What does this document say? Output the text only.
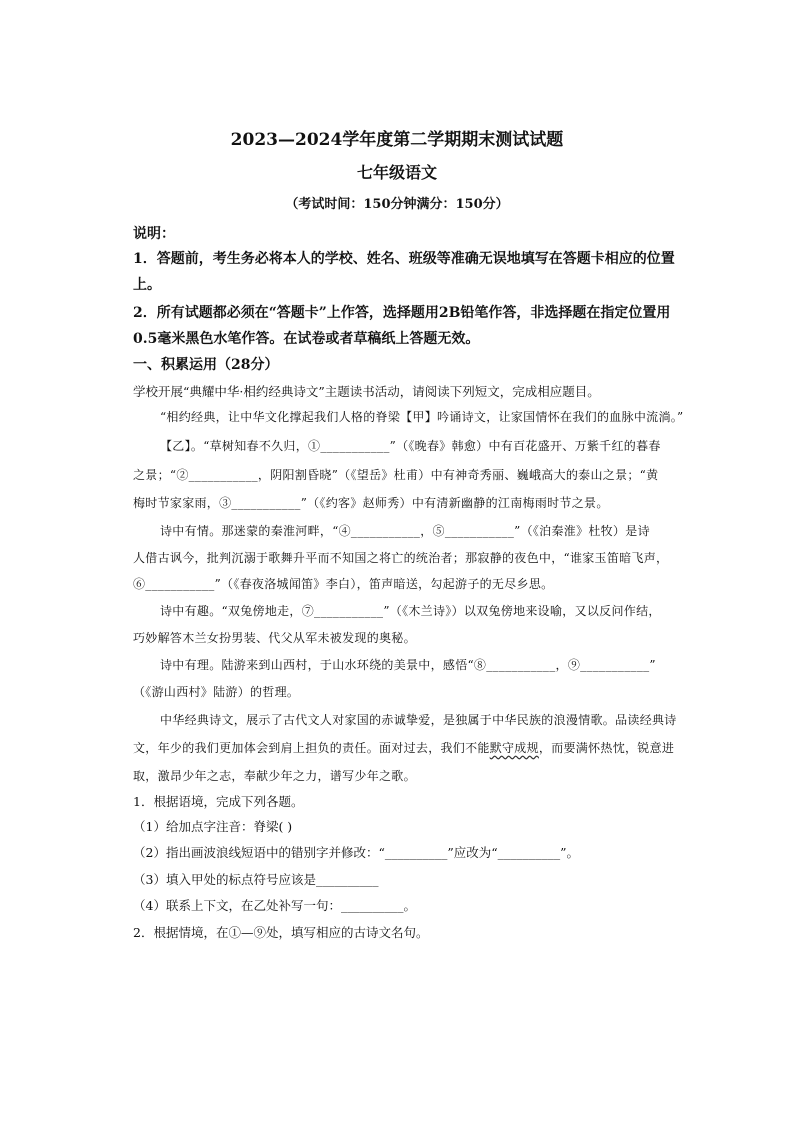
2023—2024学年度第二学期期末测试试题
七年级语文
（考试时间：150分钟满分：150分）
说明：
1．答题前，考生务必将本人的学校、姓名、班级等准确无误地填写在答题卡相应的位置
上。
2．所有试题都必须在“答题卡”上作答，选择题用2B铅笔作答，非选择题在指定位置用
0.5毫米黑色水笔作答。在试卷或者草稿纸上答题无效。
一、积累运用（28分）
学校开展“典耀中华·相约经典诗文”主题读书活动，请阅读下列短文，完成相应题目。
“相约经典，让中华文化撑起我们人格的脊梁【甲】吟诵诗文，让家国情怀在我们的血脉中流淌。”
【乙】。“草树知春不久归，①___________”（《晚春》韩愈）中有百花盛开、万紫千红的暮春
之景；“②___________，阴阳割昏晓”（《望岳》杜甫）中有神奇秀丽、巍峨高大的泰山之景；“黄
梅时节家家雨，③___________”（《约客》赵师秀）中有清新幽静的江南梅雨时节之景。
诗中有情。那迷蒙的秦淮河畔，“④___________，⑤___________”（《泊秦淮》杜牧）是诗
人借古讽今，批判沉溺于歌舞升平而不知国之将亡的统治者；那寂静的夜色中，“谁家玉笛暗飞声，
⑥___________”（《春夜洛城闻笛》李白），笛声暗送，勾起游子的无尽乡思。
诗中有趣。“双兔傍地走，⑦___________”（《木兰诗》）以双兔傍地来设喻，又以反问作结，
巧妙解答木兰女扮男装、代父从军未被发现的奥秘。
诗中有理。陆游来到山西村，于山水环绕的美景中，感悟“⑧___________，⑨___________”
（《游山西村》陆游）的哲理。
中华经典诗文，展示了古代文人对家国的赤诚挚爱，是独属于中华民族的浪漫情歌。品读经典诗
文，年少的我们更加体会到肩上担负的责任。面对过去，我们不能默守成规，而要满怀热忱，锐意进
取，激昂少年之志，奉献少年之力，谱写少年之歌。
1．根据语境，完成下列各题。
（1）给加点字注音：脊梁( )
（2）指出画波浪线短语中的错别字并修改：“__________”应改为“__________”。
（3）填入甲处的标点符号应该是__________
（4）联系上下文，在乙处补写一句：__________。
2．根据情境，在①—⑨处，填写相应的古诗文名句。
